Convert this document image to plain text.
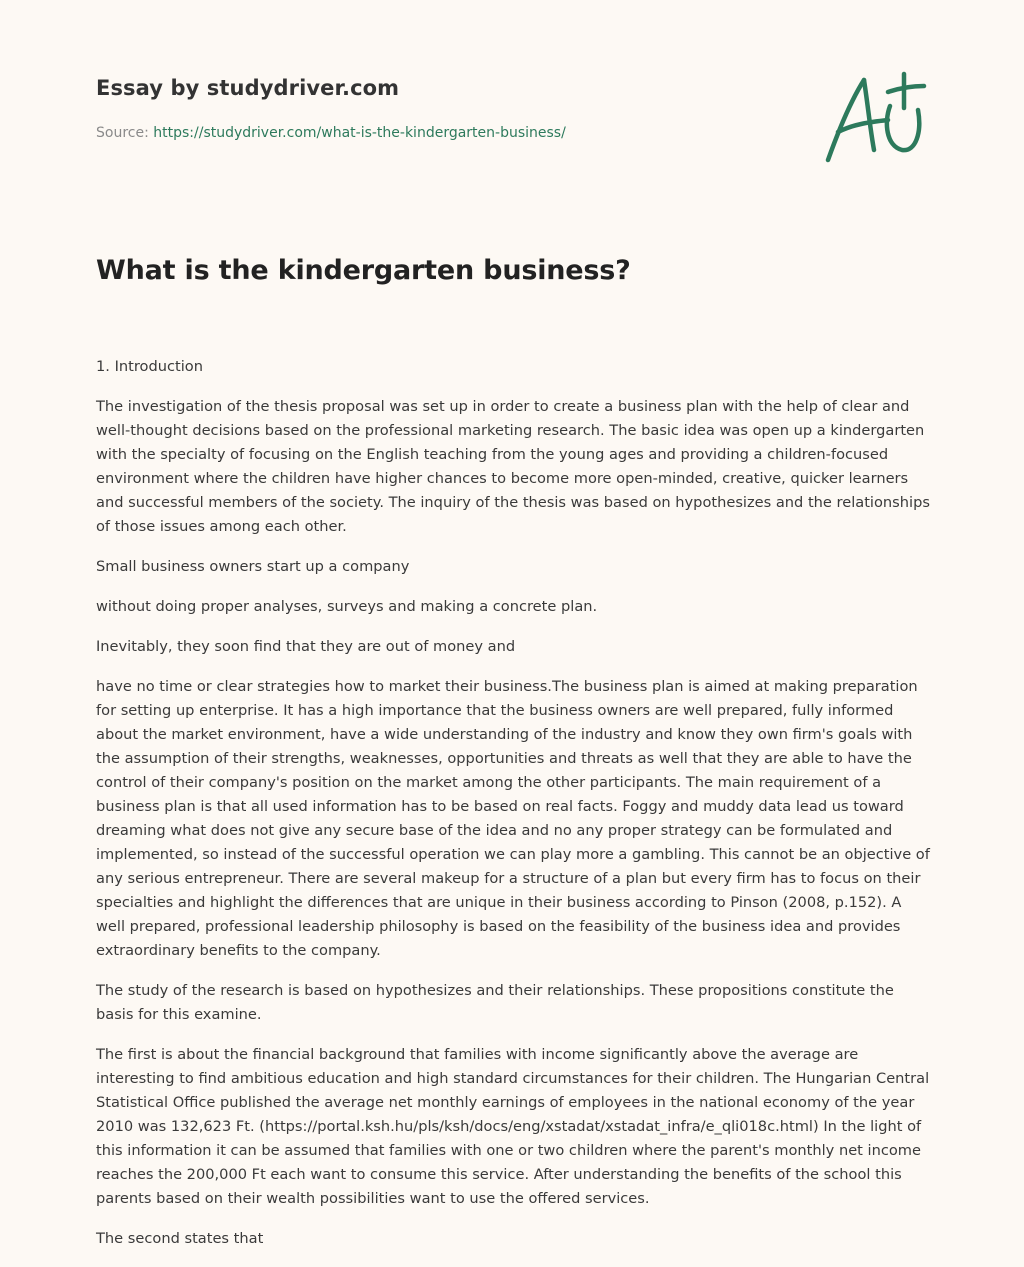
Essay by studydriver.com
Source: https://studydriver.com/what-is-the-kindergarten-business/
What is the kindergarten business?

1. Introduction

The investigation of the thesis proposal was set up in order to create a business plan with the help of clear and well-thought decisions based on the professional marketing research. The basic idea was open up a kindergarten with the specialty of focusing on the English teaching from the young ages and providing a children-focused environment where the children have higher chances to become more open-minded, creative, quicker learners and successful members of the society. The inquiry of the thesis was based on hypothesizes and the relationships of those issues among each other.

Small business owners start up a company

without doing proper analyses, surveys and making a concrete plan.

Inevitably, they soon find that they are out of money and

have no time or clear strategies how to market their business.The business plan is aimed at making preparation for setting up enterprise. It has a high importance that the business owners are well prepared, fully informed about the market environment, have a wide understanding of the industry and know they own firm's goals with the assumption of their strengths, weaknesses, opportunities and threats as well that they are able to have the control of their company's position on the market among the other participants. The main requirement of a business plan is that all used information has to be based on real facts. Foggy and muddy data lead us toward dreaming what does not give any secure base of the idea and no any proper strategy can be formulated and implemented, so instead of the successful operation we can play more a gambling. This cannot be an objective of any serious entrepreneur. There are several makeup for a structure of a plan but every firm has to focus on their specialties and highlight the differences that are unique in their business according to Pinson (2008, p.152). A well prepared, professional leadership philosophy is based on the feasibility of the business idea and provides extraordinary benefits to the company.

The study of the research is based on hypothesizes and their relationships. These propositions constitute the basis for this examine.

The first is about the financial background that families with income significantly above the average are interesting to find ambitious education and high standard circumstances for their children. The Hungarian Central Statistical Office published the average net monthly earnings of employees in the national economy of the year 2010 was 132,623 Ft. (https://portal.ksh.hu/pls/ksh/docs/eng/xstadat/xstadat_infra/e_qli018c.html) In the light of this information it can be assumed that families with one or two children where the parent's monthly net income reaches the 200,000 Ft each want to consume this service. After understanding the benefits of the school this parents based on their wealth possibilities want to use the offered services.

The second states that
